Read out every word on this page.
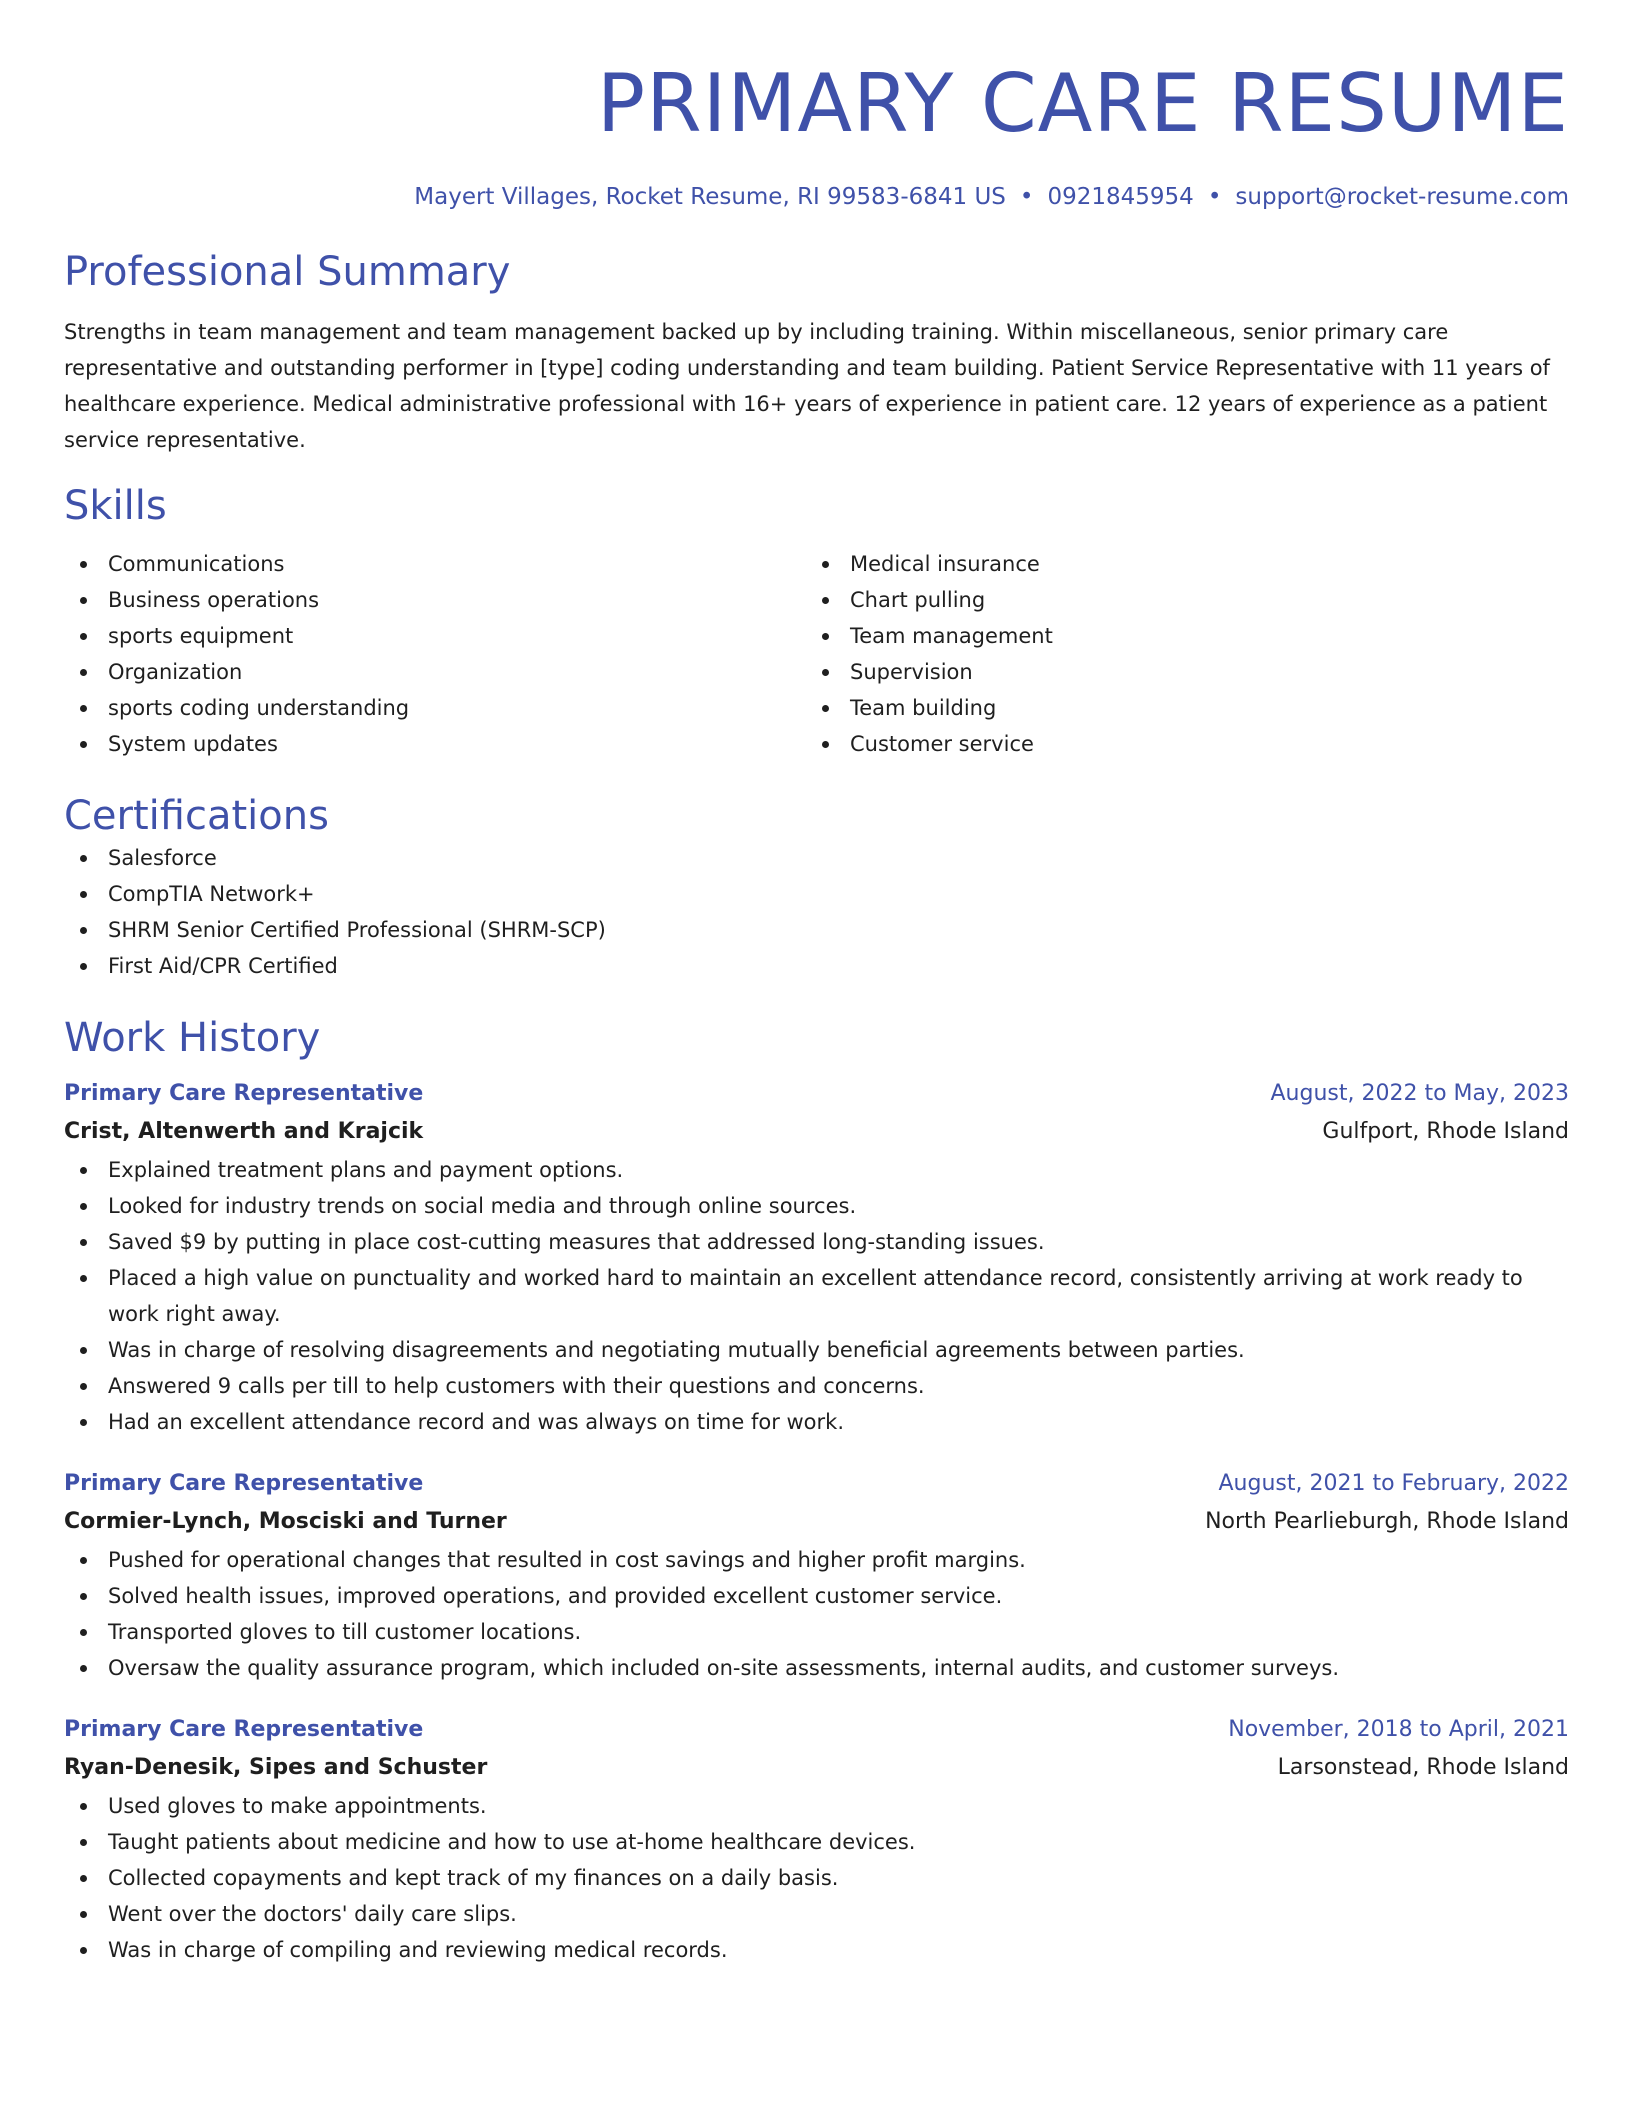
PRIMARY CARE RESUME
Mayert Villages, Rocket Resume, RI 99583-6841 US • 0921845954 • support@rocket-resume.com
Professional Summary
Strengths in team management and team management backed up by including training. Within miscellaneous, senior primary care representative and outstanding performer in [type] coding understanding and team building. Patient Service Representative with 11 years of healthcare experience. Medical administrative professional with 16+ years of experience in patient care. 12 years of experience as a patient service representative.
Skills
Communications
Business operations
sports equipment
Organization
sports coding understanding
System updates
Medical insurance
Chart pulling
Team management
Supervision
Team building
Customer service
Certifications
Salesforce
CompTIA Network+
SHRM Senior Certified Professional (SHRM-SCP)
First Aid/CPR Certified
Work History
Primary Care Representative	August, 2022 to May, 2023
Crist, Altenwerth and Krajcik	Gulfport, Rhode Island
Explained treatment plans and payment options.
Looked for industry trends on social media and through online sources.
Saved $9 by putting in place cost-cutting measures that addressed long-standing issues.
Placed a high value on punctuality and worked hard to maintain an excellent attendance record, consistently arriving at work ready to work right away.
Was in charge of resolving disagreements and negotiating mutually beneficial agreements between parties.
Answered 9 calls per till to help customers with their questions and concerns.
Had an excellent attendance record and was always on time for work.
Primary Care Representative	August, 2021 to February, 2022
Cormier-Lynch, Mosciski and Turner	North Pearlieburgh, Rhode Island
Pushed for operational changes that resulted in cost savings and higher profit margins.
Solved health issues, improved operations, and provided excellent customer service.
Transported gloves to till customer locations.
Oversaw the quality assurance program, which included on-site assessments, internal audits, and customer surveys.
Primary Care Representative	November, 2018 to April, 2021
Ryan-Denesik, Sipes and Schuster	Larsonstead, Rhode Island
Used gloves to make appointments.
Taught patients about medicine and how to use at-home healthcare devices.
Collected copayments and kept track of my finances on a daily basis.
Went over the doctors' daily care slips.
Was in charge of compiling and reviewing medical records.
